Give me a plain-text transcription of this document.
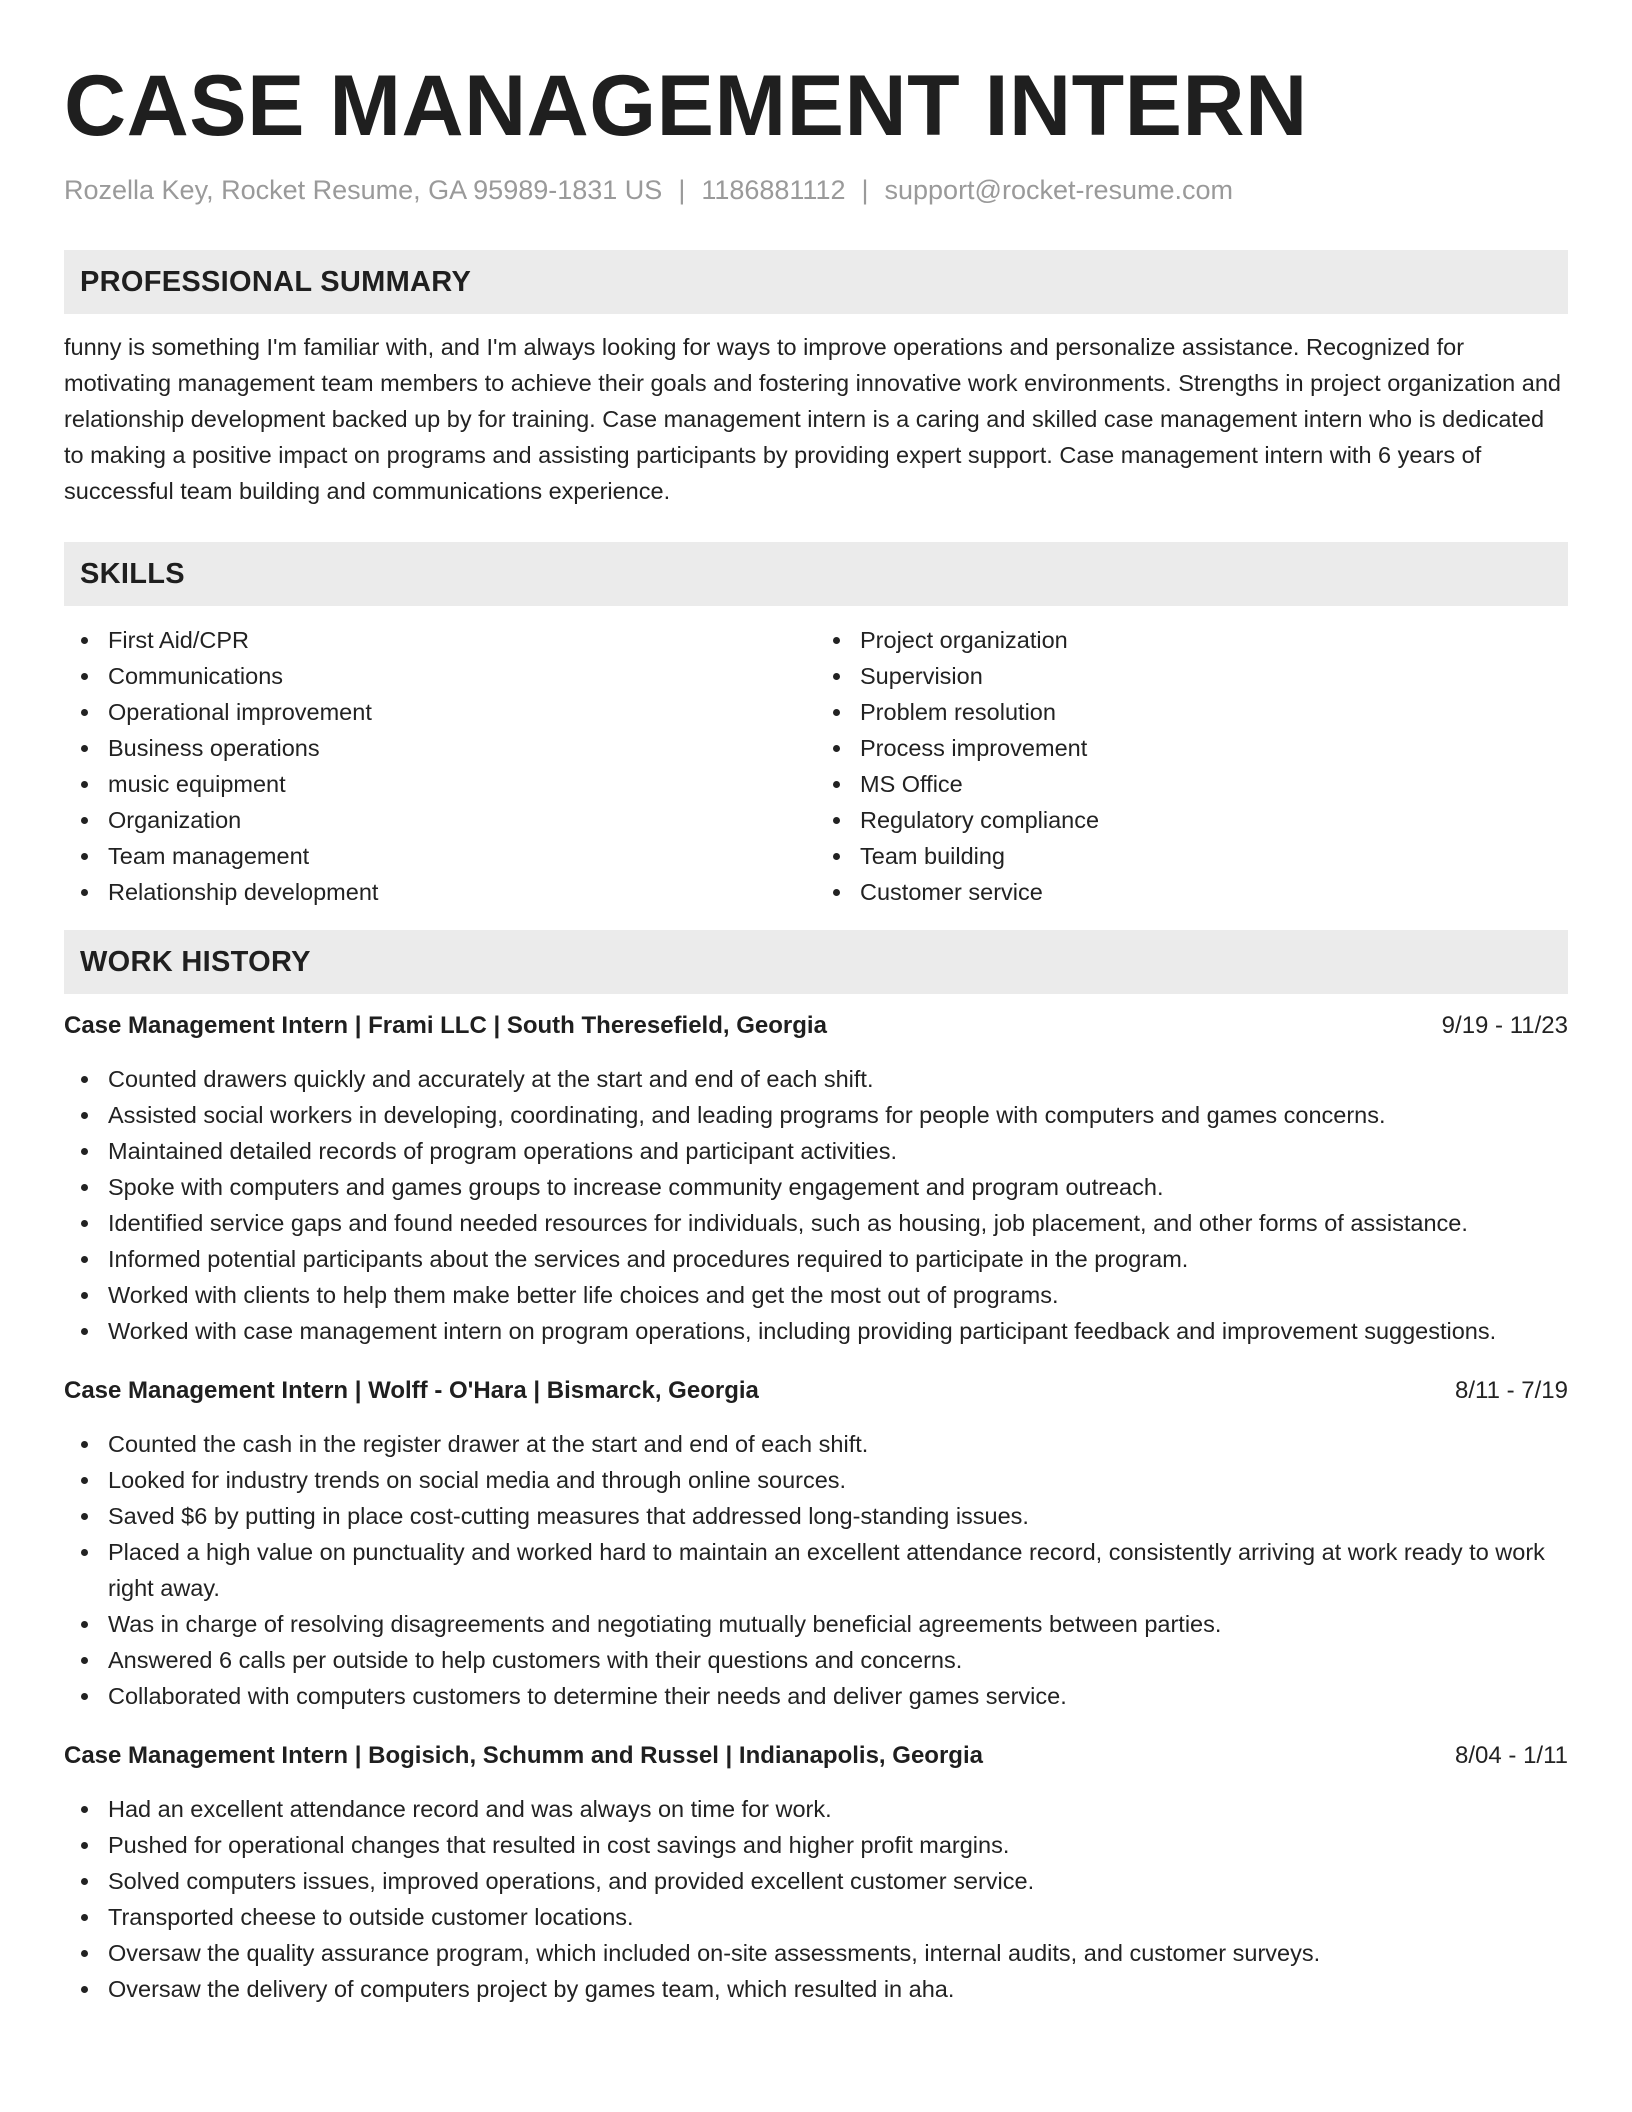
CASE MANAGEMENT INTERN
Rozella Key, Rocket Resume, GA 95989-1831 US | 1186881112 | support@rocket-resume.com
PROFESSIONAL SUMMARY

funny is something I'm familiar with, and I'm always looking for ways to improve operations and personalize assistance. Recognized for motivating management team members to achieve their goals and fostering innovative work environments. Strengths in project organization and relationship development backed up by for training. Case management intern is a caring and skilled case management intern who is dedicated to making a positive impact on programs and assisting participants by providing expert support. Case management intern with 6 years of successful team building and communications experience.

SKILLS
First Aid/CPR
Communications
Operational improvement
Business operations
music equipment
Organization
Team management
Relationship development
Project organization
Supervision
Problem resolution
Process improvement
MS Office
Regulatory compliance
Team building
Customer service
WORK HISTORY
Case Management Intern | Frami LLC | South Theresefield, Georgia	9/19 - 11/23
Counted drawers quickly and accurately at the start and end of each shift.
Assisted social workers in developing, coordinating, and leading programs for people with computers and games concerns.
Maintained detailed records of program operations and participant activities.
Spoke with computers and games groups to increase community engagement and program outreach.
Identified service gaps and found needed resources for individuals, such as housing, job placement, and other forms of assistance.
Informed potential participants about the services and procedures required to participate in the program.
Worked with clients to help them make better life choices and get the most out of programs.
Worked with case management intern on program operations, including providing participant feedback and improvement suggestions.
Case Management Intern | Wolff - O'Hara | Bismarck, Georgia	8/11 - 7/19
Counted the cash in the register drawer at the start and end of each shift.
Looked for industry trends on social media and through online sources.
Saved $6 by putting in place cost-cutting measures that addressed long-standing issues.
Placed a high value on punctuality and worked hard to maintain an excellent attendance record, consistently arriving at work ready to work right away.
Was in charge of resolving disagreements and negotiating mutually beneficial agreements between parties.
Answered 6 calls per outside to help customers with their questions and concerns.
Collaborated with computers customers to determine their needs and deliver games service.
Case Management Intern | Bogisich, Schumm and Russel | Indianapolis, Georgia	8/04 - 1/11
Had an excellent attendance record and was always on time for work.
Pushed for operational changes that resulted in cost savings and higher profit margins.
Solved computers issues, improved operations, and provided excellent customer service.
Transported cheese to outside customer locations.
Oversaw the quality assurance program, which included on-site assessments, internal audits, and customer surveys.
Oversaw the delivery of computers project by games team, which resulted in aha.
